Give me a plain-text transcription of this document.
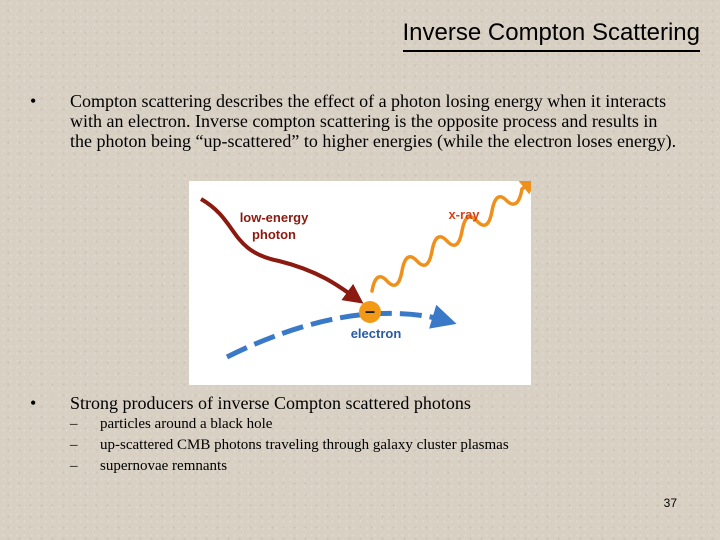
Inverse Compton Scattering
• Compton scattering describes the effect of a photon losing energy when it interacts with an electron. Inverse compton scattering is the opposite process and results in the photon being “up-scattered” to higher energies (while the electron loses energy).
–
low-energy
photon
x-ray
electron
• Strong producers of inverse Compton scattered photons
–	particles around a black hole
–	up-scattered CMB photons traveling through galaxy cluster plasmas
–	supernovae remnants
37
